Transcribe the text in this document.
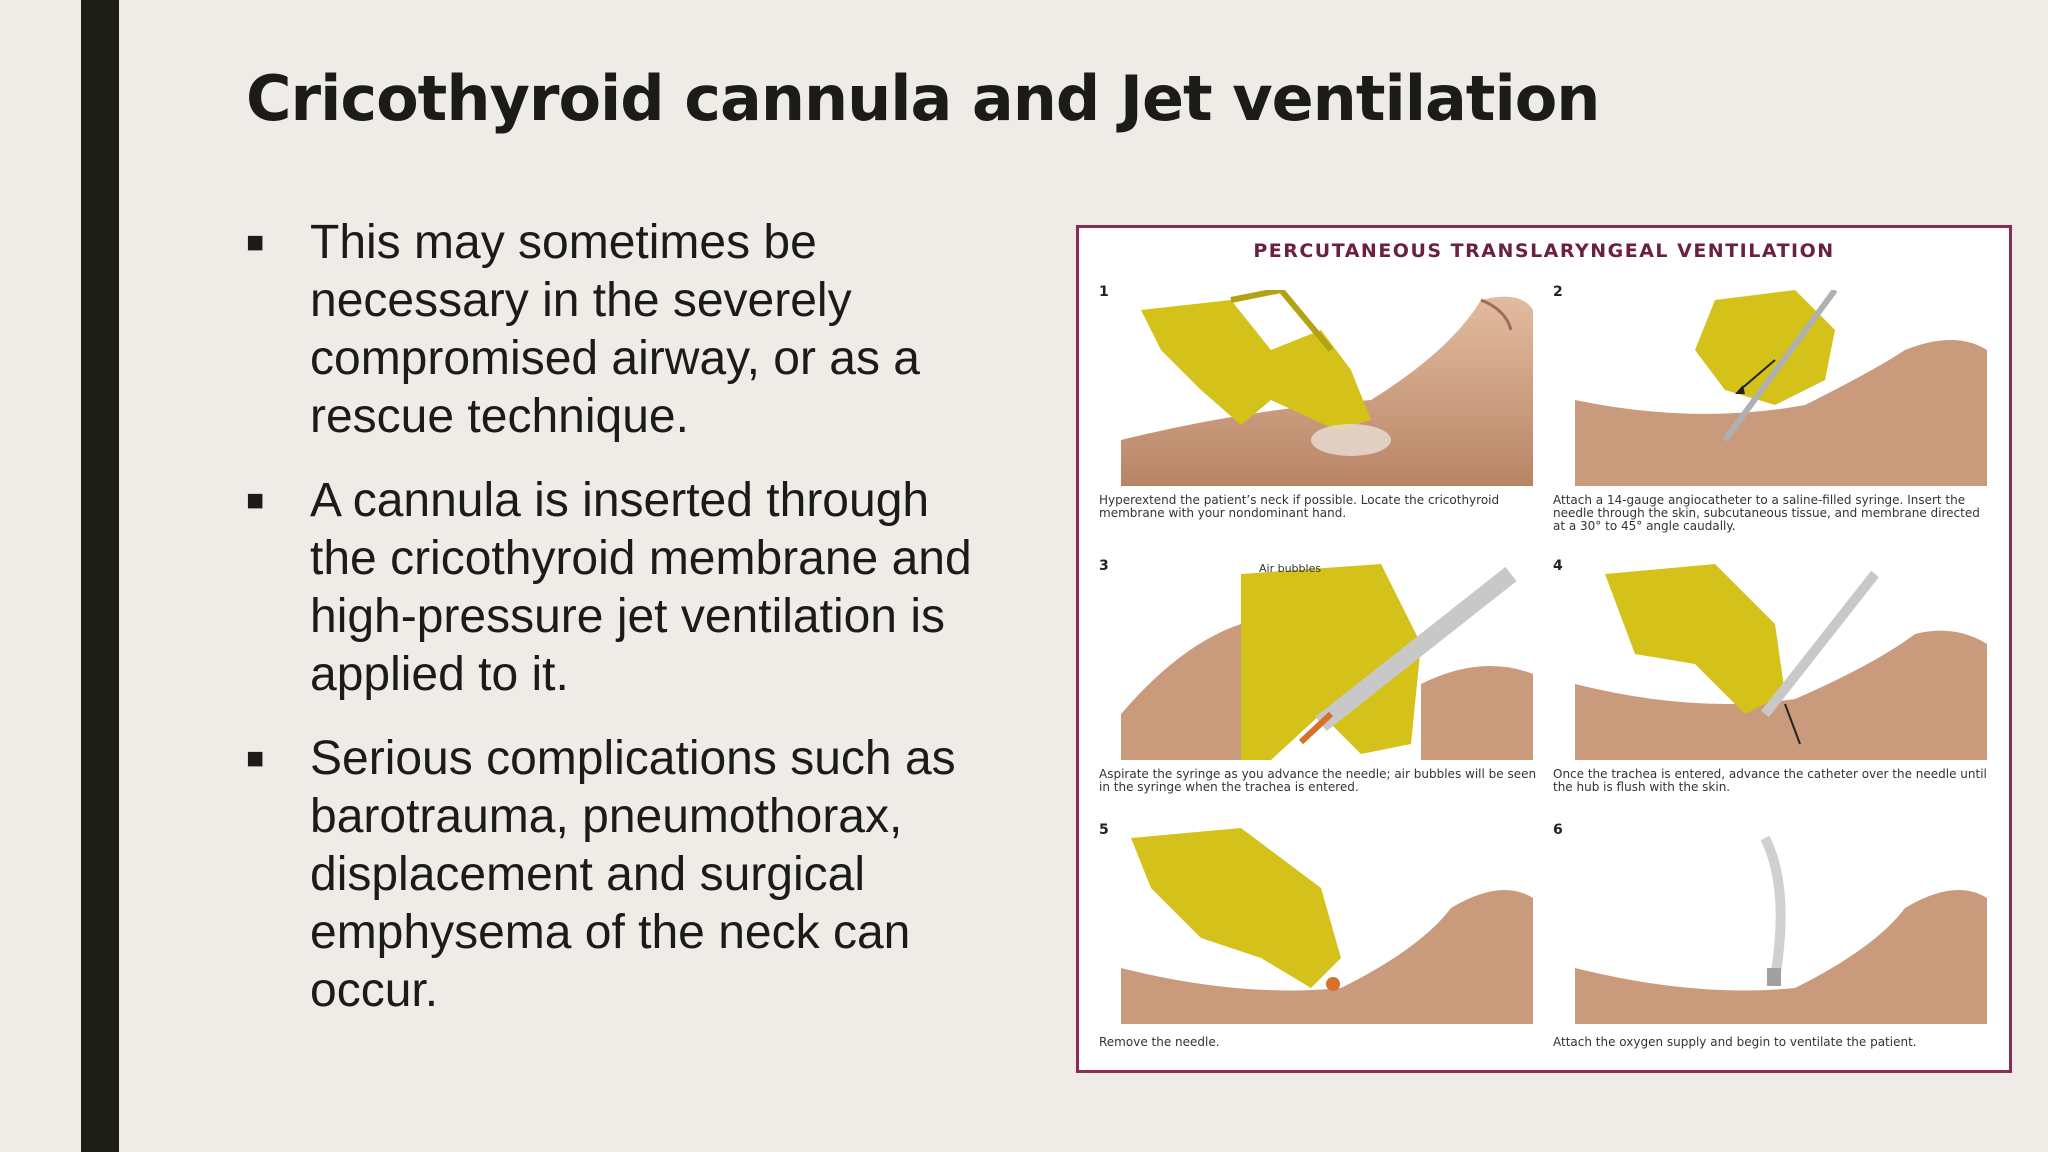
Cricothyroid cannula and Jet ventilation
■ This may sometimes be
necessary in the severely
compromised airway, or as a
rescue technique.
■ A cannula is inserted through
the cricothyroid membrane and
high-pressure jet ventilation is
applied to it.
■ Serious complications such as
barotrauma, pneumothorax,
displacement and surgical
emphysema of the neck can
occur.
PERCUTANEOUS TRANSLARYNGEAL VENTILATION
1
Hyperextend the patient’s neck if possible. Locate the cricothyroid membrane with your nondominant hand.
2
Attach a 14-gauge angiocatheter to a saline-filled syringe. Insert the needle through the skin, subcutaneous tissue, and membrane directed at a 30° to 45° angle caudally.
3	Air bubbles
Aspirate the syringe as you advance the needle; air bubbles will be seen in the syringe when the trachea is entered.
4
Once the trachea is entered, advance the catheter over the needle until the hub is flush with the skin.
5
Remove the needle.
6
Attach the oxygen supply and begin to ventilate the patient.
